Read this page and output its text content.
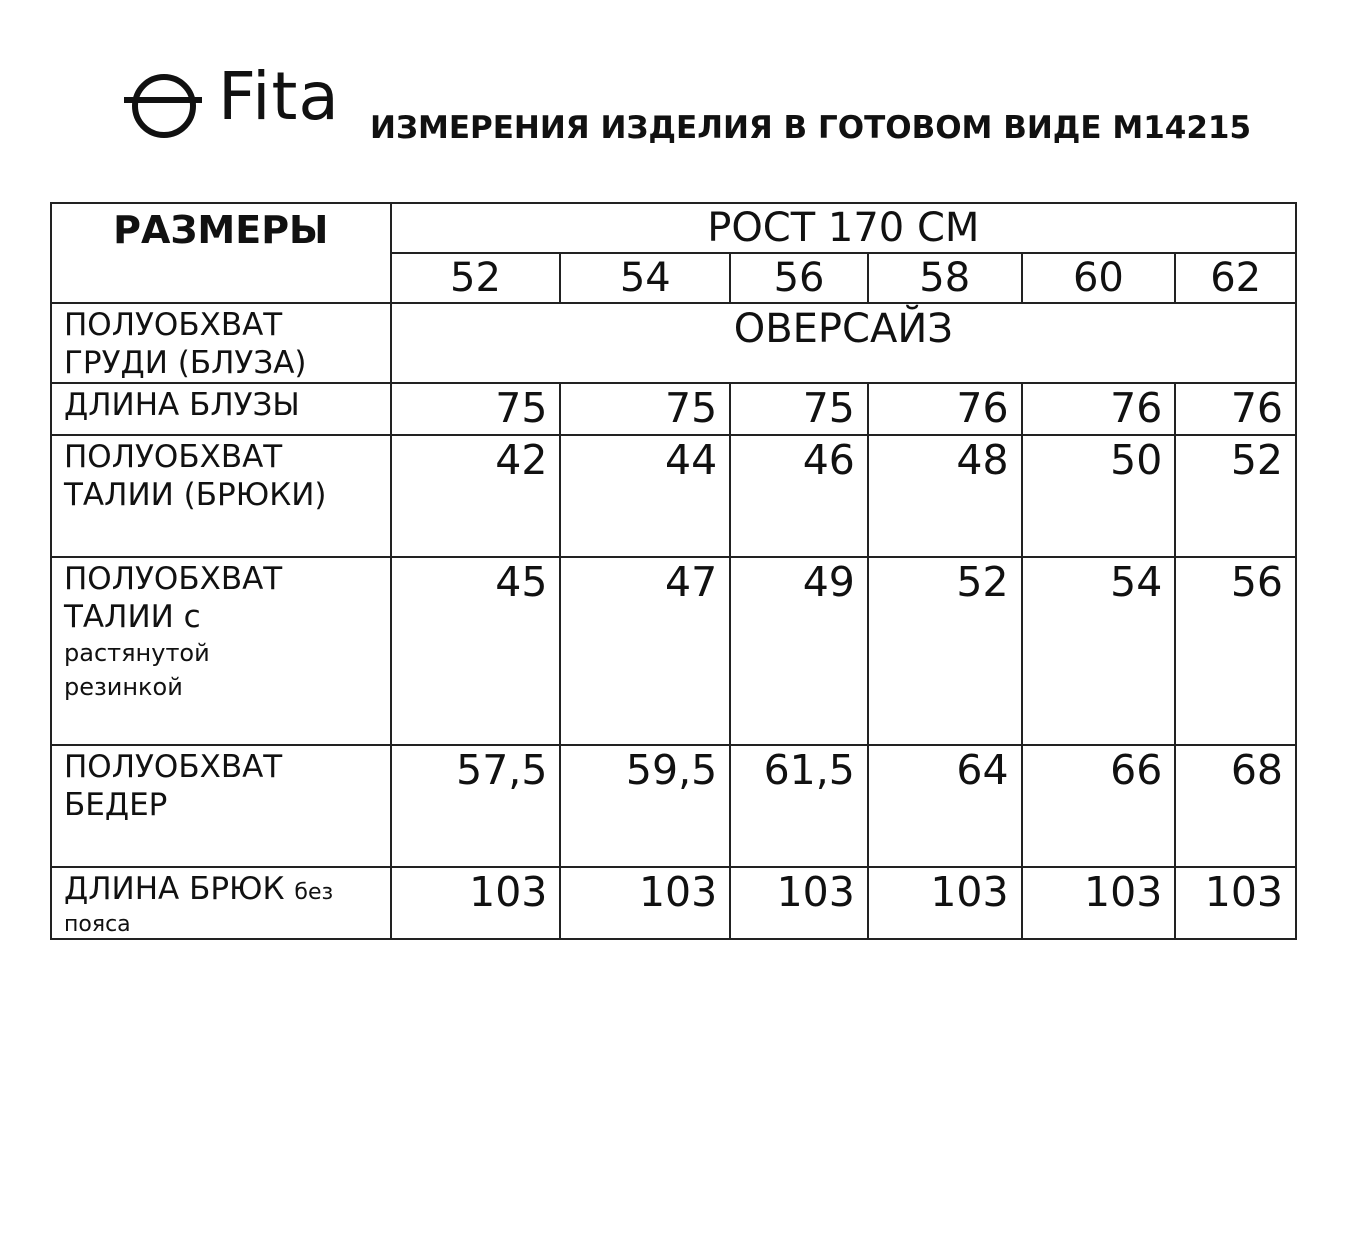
Fita ИЗМЕРЕНИЯ ИЗДЕЛИЯ В ГОТОВОМ ВИДЕ М14215
РАЗМЕРЫ	РОСТ 170 СМ					
	52	54	56	58	60	62

ПОЛУОБХВАТ
ГРУДИ (БЛУЗА)	ОВЕРСАЙЗ					

ДЛИНА БЛУЗЫ	75	75	75	76	76	76

ПОЛУОБХВАТ
ТАЛИИ (БРЮКИ)	42	44	46	48	50	52

ПОЛУОБХВАТ
ТАЛИИ с
растянутой
резинкой	45	47	49	52	54	56

ПОЛУОБХВАТ
БЕДЕР	57,5	59,5	61,5	64	66	68

ДЛИНА БРЮК без
пояса	103	103	103	103	103	103
